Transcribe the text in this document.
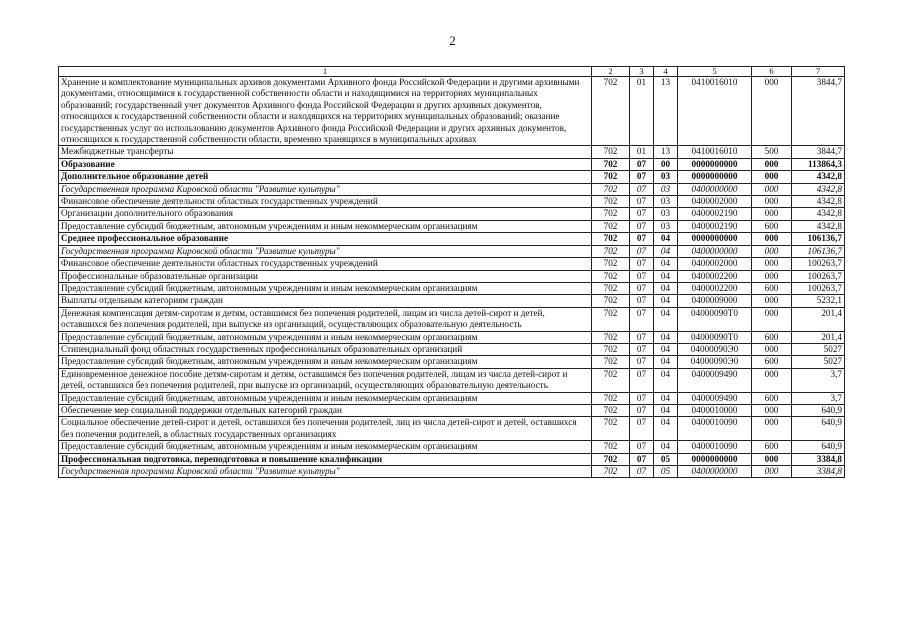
2
1	2	3	4	5	6	7
Хранение и комплектование муниципальных архивов документами Архивного фонда Российской Федерации и другими архивными документами, относящимися к государственной собственности области и находящимися на территориях муниципальных образований; государственный учет документов Архивного фонда Российской Федерации и других архивных документов, относящихся к государственной собственности области и находящихся на территориях муниципальных образований; оказание государственных услуг по использованию документов Архивного фонда Российской Федерации и других архивных документов, относящихся к государственной собственности области, временно хранящихся в муниципальных архивах	702	01	13	0410016010	000	3844,7
Межбюджетные трансферты	702	01	13	0410016010	500	3844,7
Образование	702	07	00	0000000000	000	113864,3
Дополнительное образование детей	702	07	03	0000000000	000	4342,8
Государственная программа Кировской области "Развитие культуры"	702	07	03	0400000000	000	4342,8
Финансовое обеспечение деятельности областных государственных учреждений	702	07	03	0400002000	000	4342,8
Организации дополнительного образования	702	07	03	0400002190	000	4342,8
Предоставление субсидий бюджетным, автономным учреждениям и иным некоммерческим организациям	702	07	03	0400002190	600	4342,8
Среднее профессиональное образование	702	07	04	0000000000	000	106136,7
Государственная программа Кировской области "Развитие культуры"	702	07	04	0400000000	000	106136,7
Финансовое обеспечение деятельности областных государственных учреждений	702	07	04	0400002000	000	100263,7
Профессиональные образовательные организации	702	07	04	0400002200	000	100263,7
Предоставление субсидий бюджетным, автономным учреждениям и иным некоммерческим организациям	702	07	04	0400002200	600	100263,7
Выплаты отдельным категориям граждан	702	07	04	0400009000	000	5232,1
Денежная компенсация детям-сиротам и детям, оставшимся без попечения родителей, лицам из числа детей-сирот и детей, оставшихся без попечения родителей, при выпуске из организаций, осуществляющих образовательную деятельность	702	07	04	04000090Т0	000	201,4
Предоставление субсидий бюджетным, автономным учреждениям и иным некоммерческим организациям	702	07	04	04000090Т0	600	201,4
Стипендиальный фонд областных государственных профессиональных образовательных организаций	702	07	04	04000090Э0	000	5027
Предоставление субсидий бюджетным, автономным учреждениям и иным некоммерческим организациям	702	07	04	04000090Э0	600	5027
Единовременное денежное пособие детям-сиротам и детям, оставшимся без попечения родителей, лицам из числа детей-сирот и детей, оставшихся без попечения родителей, при выпуске из организаций, осуществляющих образовательную деятельность	702	07	04	0400009490	000	3,7
Предоставление субсидий бюджетным, автономным учреждениям и иным некоммерческим организациям	702	07	04	0400009490	600	3,7
Обеспечение мер социальной поддержки отдельных категорий граждан	702	07	04	0400010000	000	640,9
Социальное обеспечение детей-сирот и детей, оставшихся без попечения родителей, лиц из числа детей-сирот и детей, оставшихся без попечения родителей, в областных государственных организациях	702	07	04	0400010090	000	640,9
Предоставление субсидий бюджетным, автономным учреждениям и иным некоммерческим организациям	702	07	04	0400010090	600	640,9
Профессиональная подготовка, переподготовка и повышение квалификации	702	07	05	0000000000	000	3384,8
Государственная программа Кировской области "Развитие культуры"	702	07	05	0400000000	000	3384,8
